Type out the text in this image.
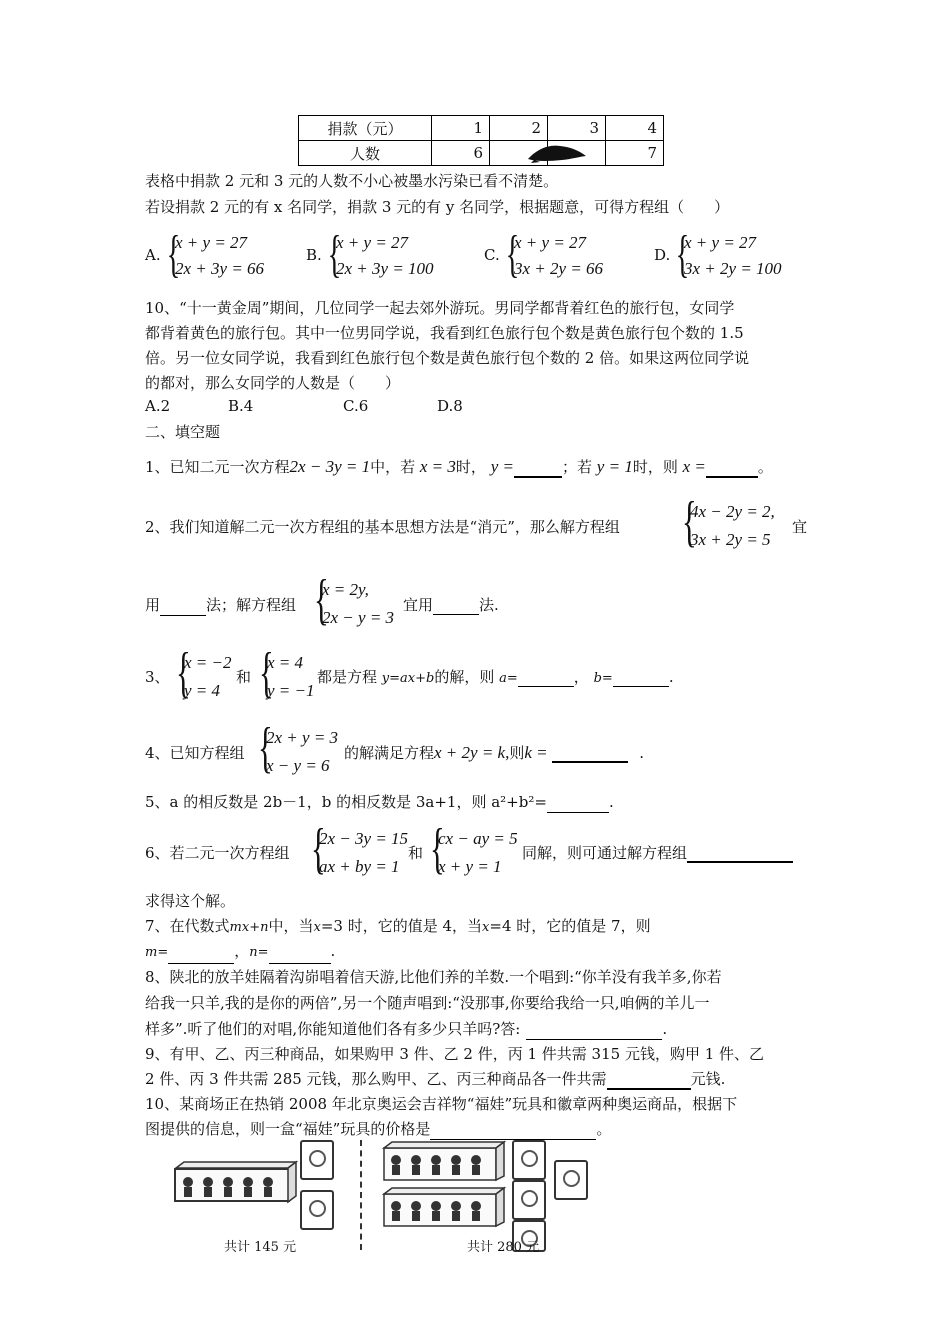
捐款（元）	1	2	3	4
人数	6			7
表格中捐款 2 元和 3 元的人数不小心被墨水污染已看不清楚。
若设捐款 2 元的有 x 名同学，捐款 3 元的有 y 名同学，根据题意，可得方程组（　　）
A. {
x + y = 27
2x + 3y = 66
B. {
x + y = 27
2x + 3y = 100
C. {
x + y = 27
3x + 2y = 66
D. {
x + y = 27
3x + 2y = 100
10、“十一黄金周”期间，几位同学一起去郊外游玩。男同学都背着红色的旅行包，女同学
都背着黄色的旅行包。其中一位男同学说，我看到红色旅行包个数是黄色旅行包个数的 1.5
倍。另一位女同学说，我看到红色旅行包个数是黄色旅行包个数的 2 倍。如果这两位同学说
的都对，那么女同学的人数是（　　）
A.2	B.4	C.6	D.8
二、填空题
1、已知二元一次方程2x − 3y = 1中，若 x = 3时， y =	；若 y = 1时，则 x =	。
2、我们知道解二元一次方程组的基本思想方法是“消元”，那么解方程组 {
4x − 2y = 2,
3x + 2y = 5
宜
用	法；解方程组 {
x = 2y,
2x − y = 3
宜用	法.
3、 {
x = −2
y = 4
和 {
x = 4
y = −1
都是方程 y=ax+b的解，则 a=	， b=	.
4、已知方程组 {
2x + y = 3
x − y = 6
的解满足方程x + 2y = k,则k =	.
5、a 的相反数是 2b－1，b 的相反数是 3a+1，则 a²+b²=	.
6、若二元一次方程组 {
2x − 3y = 15
ax + by = 1
和 {
cx − ay = 5
x + y = 1
同解，则可通过解方程组
求得这个解。
7、在代数式mx+n中，当x=3 时，它的值是 4，当x=4 时，它的值是 7，则
m=	，n=	.
8、陕北的放羊娃隔着沟峁唱着信天游,比他们养的羊数.一个唱到:“你羊没有我羊多,你若
给我一只羊,我的是你的两倍”,另一个随声唱到:“没那事,你要给我给一只,咱俩的羊儿一
样多”.听了他们的对唱,你能知道他们各有多少只羊吗?答:	.
9、有甲、乙、丙三种商品，如果购甲 3 件、乙 2 件，丙 1 件共需 315 元钱，购甲 1 件、乙
2 件、丙 3 件共需 285 元钱，那么购甲、乙、丙三种商品各一件共需	元钱.
10、某商场正在热销 2008 年北京奥运会吉祥物“福娃”玩具和徽章两种奥运商品，根据下
图提供的信息，则一盒“福娃”玩具的价格是	。
共计 145 元	共计 280 元
